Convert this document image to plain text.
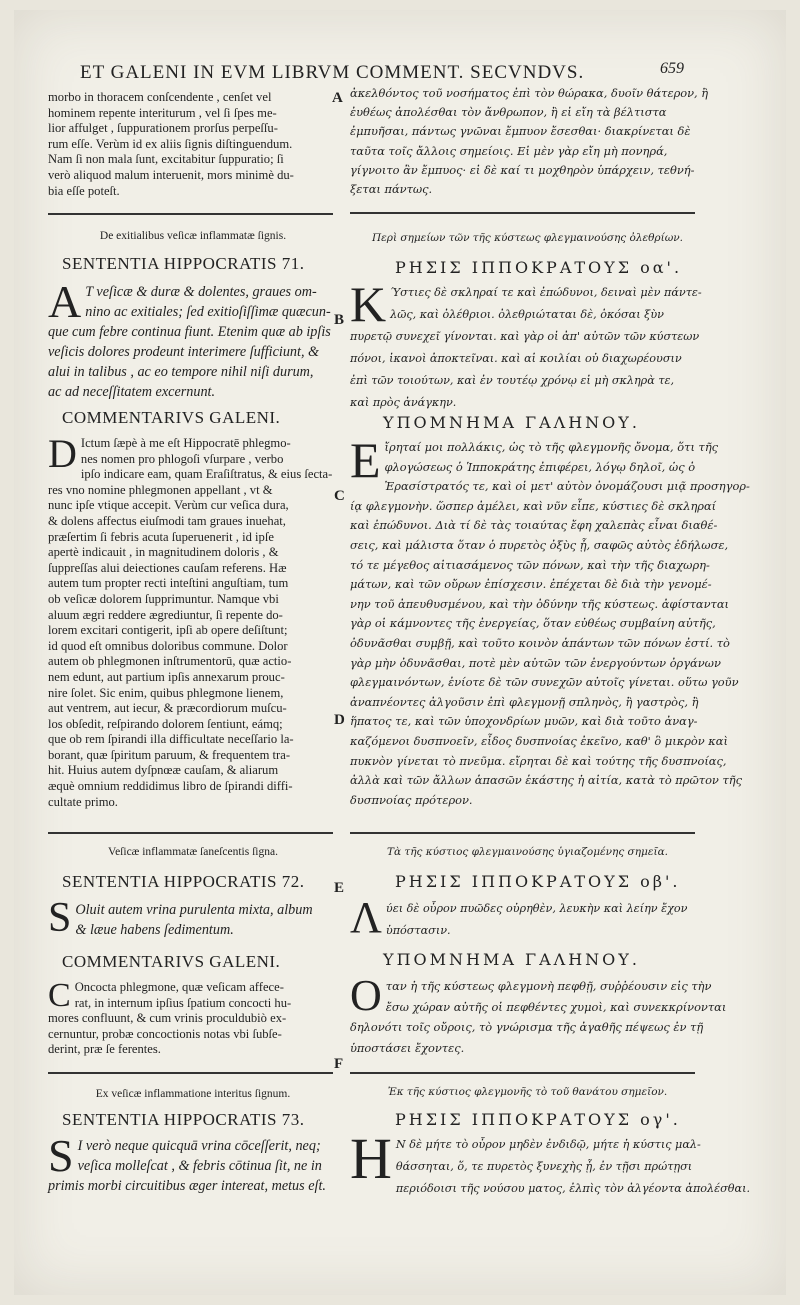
ET GALENI IN EVM LIBRVM COMMENT. SECVNDVS.	659
A
B
C
D
E
F
morbo in thoracem conſcendente , cenſet vel
hominem repente interiturum , vel ſi ſpes me-
lior affulget , ſuppurationem prorſus perpeſſu-
rum eſſe. Verùm id ex aliis ſignis diſtinguendum.
Nam ſi non mala ſunt, excitabitur ſuppuratio; ſi
verò aliquod malum interuenit, mors minimè du-
bia eſſe poteſt.
De exitialibus veſicæ inflammatæ ſignis.
SENTENTIA HIPPOCRATIS 71.
A T veſicæ & duræ & dolentes, graues om-
nino ac exitiales; ſed exitioſiſſimæ quæcun-
que cum febre continua fiunt. Etenim quæ ab ipſis
veſicis dolores prodeunt interimere ſufficiunt, &
alui in talibus , ac eo tempore nihil niſi durum,
ac ad neceſſitatem excernunt.
COMMENTARIVS GALENI.
D Ictum ſæpè à me eſt Hippocratē phlegmo-
nes nomen pro phlogoſi vſurpare , verbo
ipſo indicare eam, quam Eraſiſtratus, & eius ſecta-
res vno nomine phlegmonen appellant , vt &
nunc ipſe vtique accepit. Verùm cur veſica dura,
& dolens affectus eiuſmodi tam graues inuehat,
præſertim ſi febris acuta ſuperuenerit , id ipſe
apertè indicauit , in magnitudinem doloris , &
ſuppreſſas alui deiectiones cauſam referens. Hæ
autem tum propter recti inteſtini anguſtiam, tum
ob veſicæ dolorem ſupprimuntur. Namque vbi
aluum ægri reddere ægrediuntur, ſi repente do-
lorem excitari contigerit, ipſi ab opere deſiſtunt;
id quod eſt omnibus doloribus commune. Dolor
autem ob phlegmonen inſtrumentorū, quæ actio-
nem edunt, aut partium ipſis annexarum prouc-
nire ſolet. Sic enim, quibus phlegmone lienem,
aut ventrem, aut iecur, & præcordiorum muſcu-
los obſedit, reſpirando dolorem ſentiunt, eámq;
que ob rem ſpirandi illa difficultate neceſſario la-
borant, quæ ſpiritum paruum, & frequentem tra-
hit. Huius autem dyſpnœæ cauſam, & aliarum
æquè omnium reddidimus libro de ſpirandi diffi-
cultate primo.
Veſicæ inflammatæ ſaneſcentis ſigna.
SENTENTIA HIPPOCRATIS 72.
S Oluit autem vrina purulenta mixta, album
& læue habens ſedimentum.
COMMENTARIVS GALENI.
C Oncocta phlegmone, quæ veſicam affece-
rat, in internum ipſius ſpatium concocti hu-
mores confluunt, & cum vrinis proculdubiò ex-
cernuntur, probæ concoctionis notas vbi ſubſe-
derint, præ ſe ferentes.
Ex veſicæ inflammatione interitus ſignum.
SENTENTIA HIPPOCRATIS 73.
S I verò neque quicquā vrina cōceſſerit, neq;
veſica molleſcat , & febris cōtinua ſit, ne in
primis morbi circuitibus æger intereat, metus eſt.
ἀκελθόντος τοῦ νοσήματος ἐπὶ τὸν θώρακα, δυοῖν θάτερον, ἢ
ἐυθέως ἀπολέσθαι τὸν ἄνθρωπον, ἢ εἰ εἴη τὰ βέλτιστα
ἐμπυῆσαι, πάντως γνῶναι ἔμπυον ἔσεσθαι· διακρίνεται δὲ
ταῦτα τοῖς ἄλλοις σημείοις. Εἰ μὲν γὰρ εἴη μὴ πονηρά,
γίγνοιτο ἂν ἔμπυος· εἰ δὲ καί τι μοχθηρὸν ὑπάρχειν, τεθνή-
ξεται πάντως.
Περὶ σημείων τῶν τῆς κύστεως φλεγμαινούσης ὀλεθρίων.
ΡΗΣΙΣ ΙΠΠΟΚΡΑΤΟΥΣ οα'.
Κ Ύστιες δὲ σκληραί τε καὶ ἐπώδυνοι, δειναὶ μὲν πάντε-
λῶς, καὶ ὀλέθριοι. ὀλεθριώταται δὲ, ὁκόσαι ξὺν
πυρετῷ συνεχεῖ γίνονται. καὶ γὰρ οἱ ἀπ' αὐτῶν τῶν κύστεων
πόνοι, ἱκανοὶ ἀποκτεῖναι. καὶ αἱ κοιλίαι οὐ διαχωρέουσιν
ἐπὶ τῶν τοιούτων, καὶ ἐν τουτέῳ χρόνῳ εἰ μὴ σκληρὰ τε,
καὶ πρὸς ἀνάγκην.
ΥΠΟΜΝΗΜΑ ΓΑΛΗΝΟΥ.
Ε ἴρηταί μοι πολλάκις, ὡς τὸ τῆς φλεγμονῆς ὄνομα, ὅτι τῆς
φλογώσεως ὁ Ἱπποκράτης ἐπιφέρει, λόγῳ δηλοῖ, ὡς ὁ
Ἐρασίστρατός τε, καὶ οἱ μετ' αὐτὸν ὀνομάζουσι μιᾷ προσηγορ-
ίᾳ φλεγμονὴν. ὥσπερ ἀμέλει, καὶ νῦν εἶπε, κύστιες δὲ σκληραί
καὶ ἐπώδυνοι. Διὰ τί δὲ τὰς τοιαύτας ἔφη χαλεπὰς εἶναι διαθέ-
σεις, καὶ μάλιστα ὅταν ὁ πυρετὸς ὀξὺς ᾖ, σαφῶς αὐτὸς ἐδήλωσε,
τό τε μέγεθος αἰτιασάμενος τῶν πόνων, καὶ τὴν τῆς διαχωρη-
μάτων, καὶ τῶν οὔρων ἐπίσχεσιν. ἐπέχεται δὲ διὰ τὴν γενομέ-
νην τοῦ ἀπευθυσμένου, καὶ τὴν ὀδύνην τῆς κύστεως. ἀφίστανται
γὰρ οἱ κάμνοντες τῆς ἐνεργείας, ὅταν εὐθέως συμβαίνη αὐτῆς,
ὀδυνᾶσθαι συμβῇ, καὶ τοῦτο κοινὸν ἁπάντων τῶν πόνων ἐστί. τὸ
γὰρ μὴν ὀδυνᾶσθαι, ποτὲ μὲν αὐτῶν τῶν ἐνεργούντων ὀργάνων
φλεγμαινόντων, ἐνίοτε δὲ τῶν συνεχῶν αὐτοῖς γίνεται. οὕτω γοῦν
ἀναπνέοντες ἀλγοῦσιν ἐπὶ φλεγμονῇ σπληνὸς, ἢ γαστρὸς, ἢ
ἥπατος τε, καὶ τῶν ὑποχονδρίων μυῶν, καὶ διὰ τοῦτο ἀναγ-
καζόμενοι δυσπνοεῖν, εἶδος δυσπνοίας ἐκεῖνο, καθ' ὃ μικρὸν καὶ
πυκνὸν γίνεται τὸ πνεῦμα. εἴρηται δὲ καὶ τούτης τῆς δυσπνοίας,
ἀλλὰ καὶ τῶν ἄλλων ἁπασῶν ἑκάστης ἡ αἰτία, κατὰ τὸ πρῶτον τῆς
δυσπνοίας πρότερον.
Τὰ τῆς κύστιος φλεγμαινούσης ὑγιαζομένης σημεῖα.
ΡΗΣΙΣ ΙΠΠΟΚΡΑΤΟΥΣ οβ'.
Λ ύει δὲ οὖρον πυῶδες οὐρηθὲν, λευκὴν καὶ λείην ἔχον
ὑπόστασιν.
ΥΠΟΜΝΗΜΑ ΓΑΛΗΝΟΥ.
Ο ταν ἡ τῆς κύστεως φλεγμονὴ πεφθῇ, συῤῥέουσιν εἰς τὴν
ἔσω χώραν αὐτῆς οἱ πεφθέντες χυμοὶ, καὶ συνεκκρίνονται
δηλονότι τοῖς οὔροις, τὸ γνώρισμα τῆς ἀγαθῆς πέψεως ἐν τῇ
ὑποστάσει ἔχοντες.
Ἐκ τῆς κύστιος φλεγμονῆς τὸ τοῦ θανάτου σημεῖον.
ΡΗΣΙΣ ΙΠΠΟΚΡΑΤΟΥΣ ογ'.
Η Ν δὲ μήτε τὸ οὖρον μηδὲν ἐνδιδῷ, μήτε ἡ κύστις μαλ-
θάσσηται, ὅ, τε πυρετὸς ξυνεχὴς ᾖ, ἐν τῇσι πρώτῃσι
περιόδοισι τῆς νούσου ματος, ἐλπὶς τὸν ἀλγέοντα ἀπολέσθαι.
